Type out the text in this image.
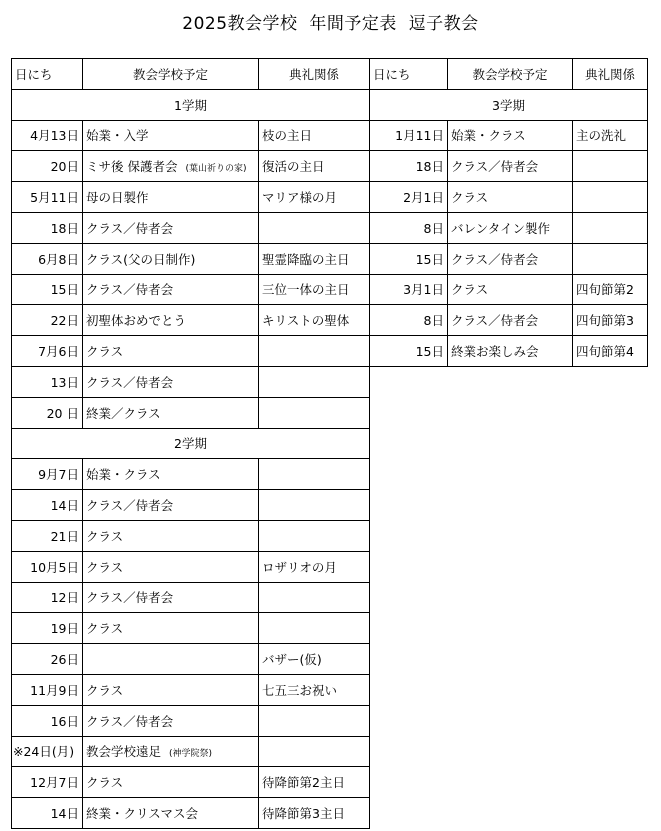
2025教会学校  年間予定表  逗子教会
日にち	教会学校予定	典礼関係
1学期		
4月13日	始業・入学	枝の主日
20日	ミサ後 保護者会 (葉山祈りの家)	復活の主日
5月11日	母の日製作	マリア様の月
18日	クラス／侍者会	
6月8日	クラス(父の日制作)	聖霊降臨の主日
15日	クラス／侍者会	三位一体の主日
22日	初聖体おめでとう	キリストの聖体
7月6日	クラス	
13日	クラス／侍者会	
20 日	終業／クラス	
2学期		
9月7日	始業・クラス	
14日	クラス／侍者会	
21日	クラス	
10月5日	クラス	ロザリオの月
12日	クラス／侍者会	
19日	クラス	
26日		バザー(仮)
11月9日	クラス	七五三お祝い
16日	クラス／侍者会	
※24日(月)	教会学校遠足 (神学院祭)	
12月7日	クラス	待降節第2主日
14日	終業・クリスマス会	待降節第3主日
日にち	教会学校予定	典礼関係
3学期		
1月11日	始業・クラス	主の洗礼
18日	クラス／侍者会	
2月1日	クラス	
8日	バレンタイン製作	
15日	クラス／侍者会	
3月1日	クラス	四旬節第2
8日	クラス／侍者会	四旬節第3
15日	終業お楽しみ会	四旬節第4
